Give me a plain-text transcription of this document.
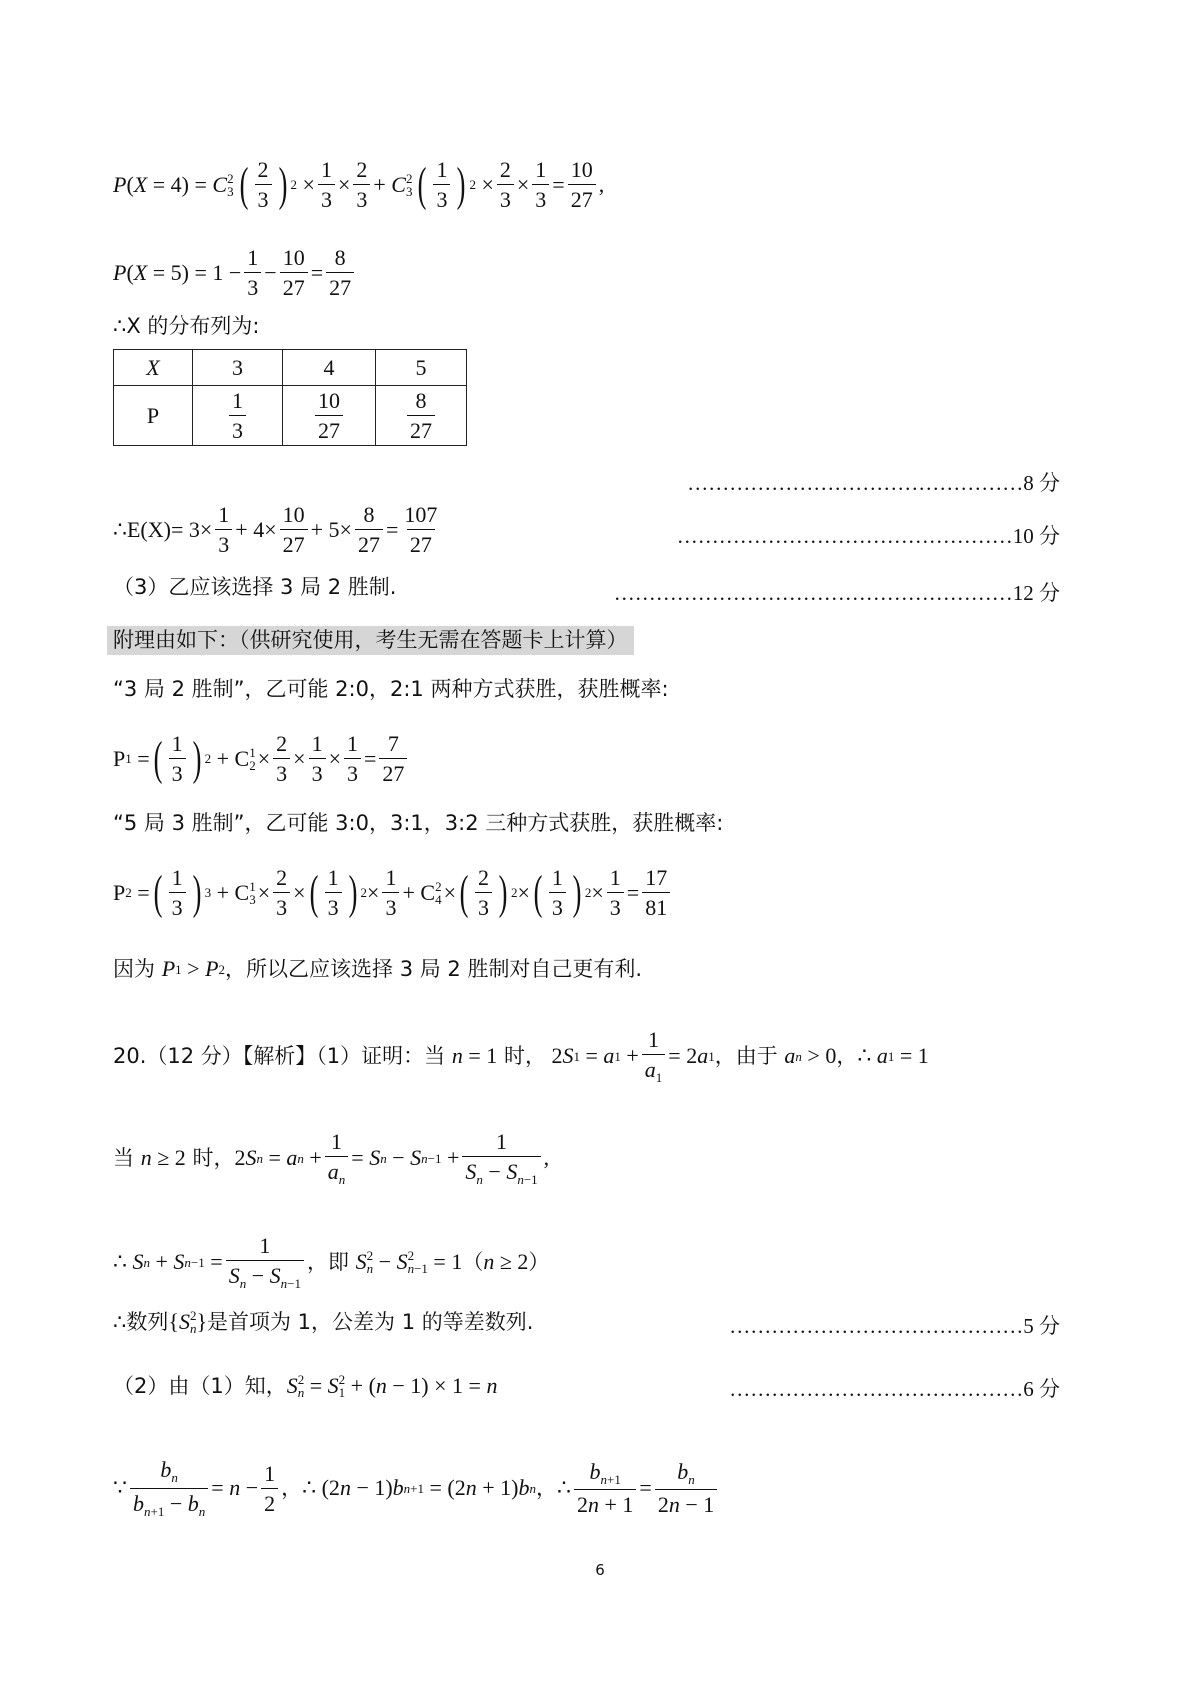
P ( X = 4) = C 2
3 ( $\frac{2}{3}$ ) $2 \times \frac{1}{3} \times \frac{2}{3} + C$ 2
3 ( $\frac{1}{3}$ ) $2 \times \frac{2}{3} \times \frac{1}{3} = \frac{10}{27}$ ,
P ( $X = 5) = 1 - \frac{1}{3} - \frac{10}{27} = \frac{8}{27}$
∴X 的分布列为:
X	3	4	5
P	$\frac{1}{3}$	$\frac{10}{27}$	$\frac{8}{27}$
…………………………………………8 分
∴E(X)= $3\times \frac{1}{3} + 4\times \frac{10}{27} + 5\times \frac{8}{27} = \frac{107}{27}$	…………………………………………10 分
（3）乙应该选择 3 局 2 胜制.	…………………………………………………12 分
附理由如下：（供研究使用，考生无需在答题卡上计算）
“3 局 2 胜制”，乙可能 2:0，2:1 两种方式获胜，获胜概率:
P 1 = ( $\frac{1}{3}$ ) 2 + C 1
$2 \times \frac{2}{3} \times \frac{1}{3} \times \frac{1}{3} = \frac{7}{27}$
“5 局 3 胜制”，乙可能 3:0，3:1，3:2 三种方式获胜，获胜概率:
P 2 = ( $\frac{1}{3}$ ) 3 + C 1
$3 \times \frac{2}{3}$ × ( $\frac{1}{3}$ ) $2 \times \frac{1}{3} + C$ 2
4 × ( $\frac{2}{3}$ ) 2 × ( $\frac{1}{3}$ ) $2 \times \frac{1}{3} = \frac{17}{81}$
因为 P 1 > P 2 ，所以乙应该选择 3 局 2 胜制对自己更有利.
20.（12 分）【解析】（1）证明：当 n = 1 时， 2 S 1 = a $1 + \frac{1}{a_1} = 2$ a 1 ，由于 a n > 0 ， ∴ a 1 = 1
当 n ≥ 2 时， 2 S n = a $n + \frac{1}{a_n} = S$ n − S $n-1 + \frac{1}{S_n - S_{n-1}}$ ,
∴ S n + S $n-1 = \frac{1}{S_n - S_{n-1}}$ ，即 S 2
n − S 2
n−1 = 1 （ n ≥ 2 ）
∴数列 { S 2
n } 是首项为 1，公差为 1 的等差数列.	……………………………………5 分
（2）由（1）知， S 2
n = S 2
1 + ( n − 1) × 1 = n	……………………………………6 分
∵ $\frac{b_n}{b_{n+1} - b_n} = n - \frac{1}{2}$ ， ∴ (2 n − 1) b n+1 = (2 n + 1) b n ， ∴ $\frac{b_{n+1}}{2n + 1} = \frac{b_n}{2n - 1}$
6
